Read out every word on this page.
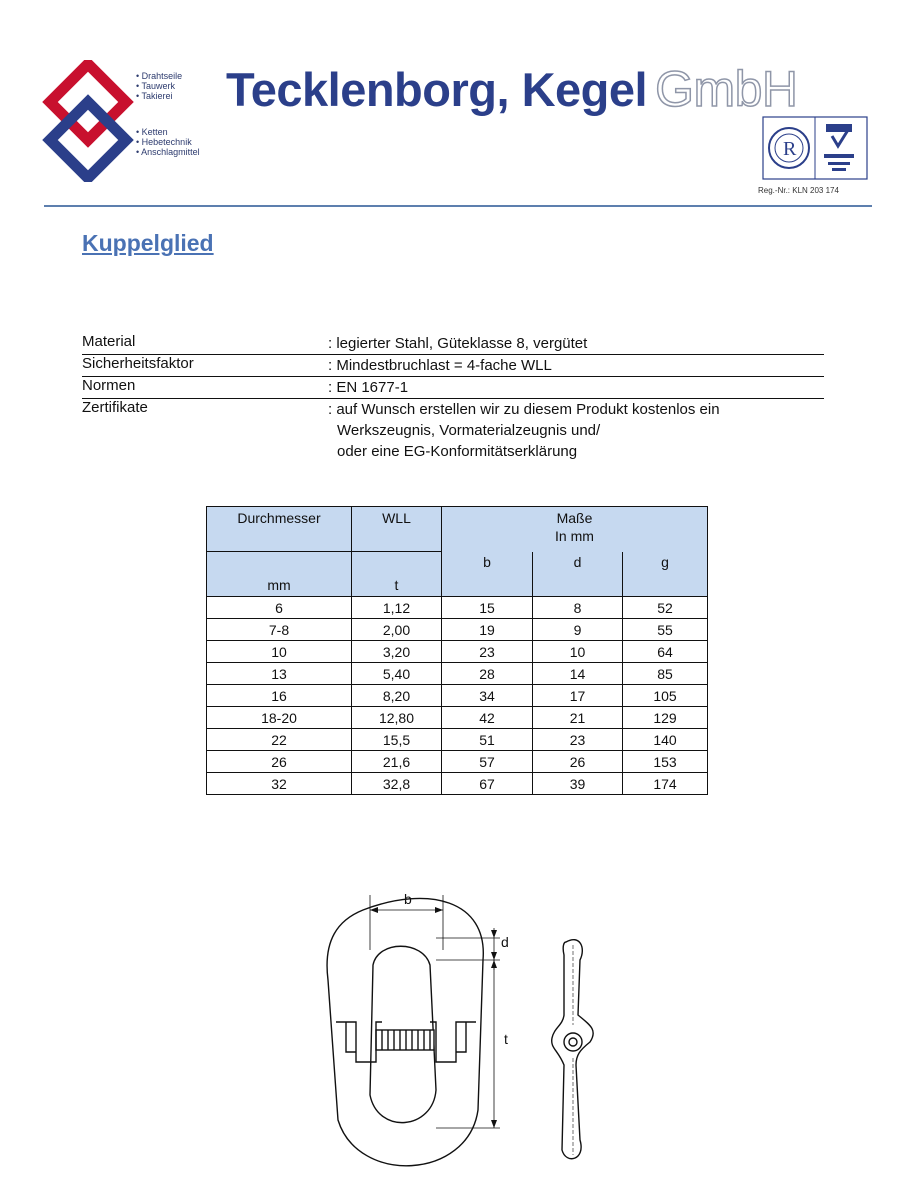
• Drahtseile
• Tauwerk
• Takierei
• Ketten
• Hebetechnik
• Anschlagmittel
Tecklenborg, Kegel GmbH
R
Reg.-Nr.: KLN 203 174
Kuppelglied
Material	: legierter Stahl, Güteklasse 8, vergütet
Sicherheitsfaktor	: Mindestbruchlast = 4-fache WLL
Normen	: EN 1677-1
Zertifikate	: auf Wunsch erstellen wir zu diesem Produkt kostenlos ein
Werkszeugnis, Vormaterialzeugnis und/
oder eine EG-Konformitätserklärung
Durchmesser	WLL	Maße
In mm		

mm	t	b	d	g
6	1,12	15	8	52
7-8	2,00	19	9	55
10	3,20	23	10	64
13	5,40	28	14	85
16	8,20	34	17	105
18-20	12,80	42	21	129
22	15,5	51	23	140
26	21,6	57	26	153
32	32,8	67	39	174
b
d
t
